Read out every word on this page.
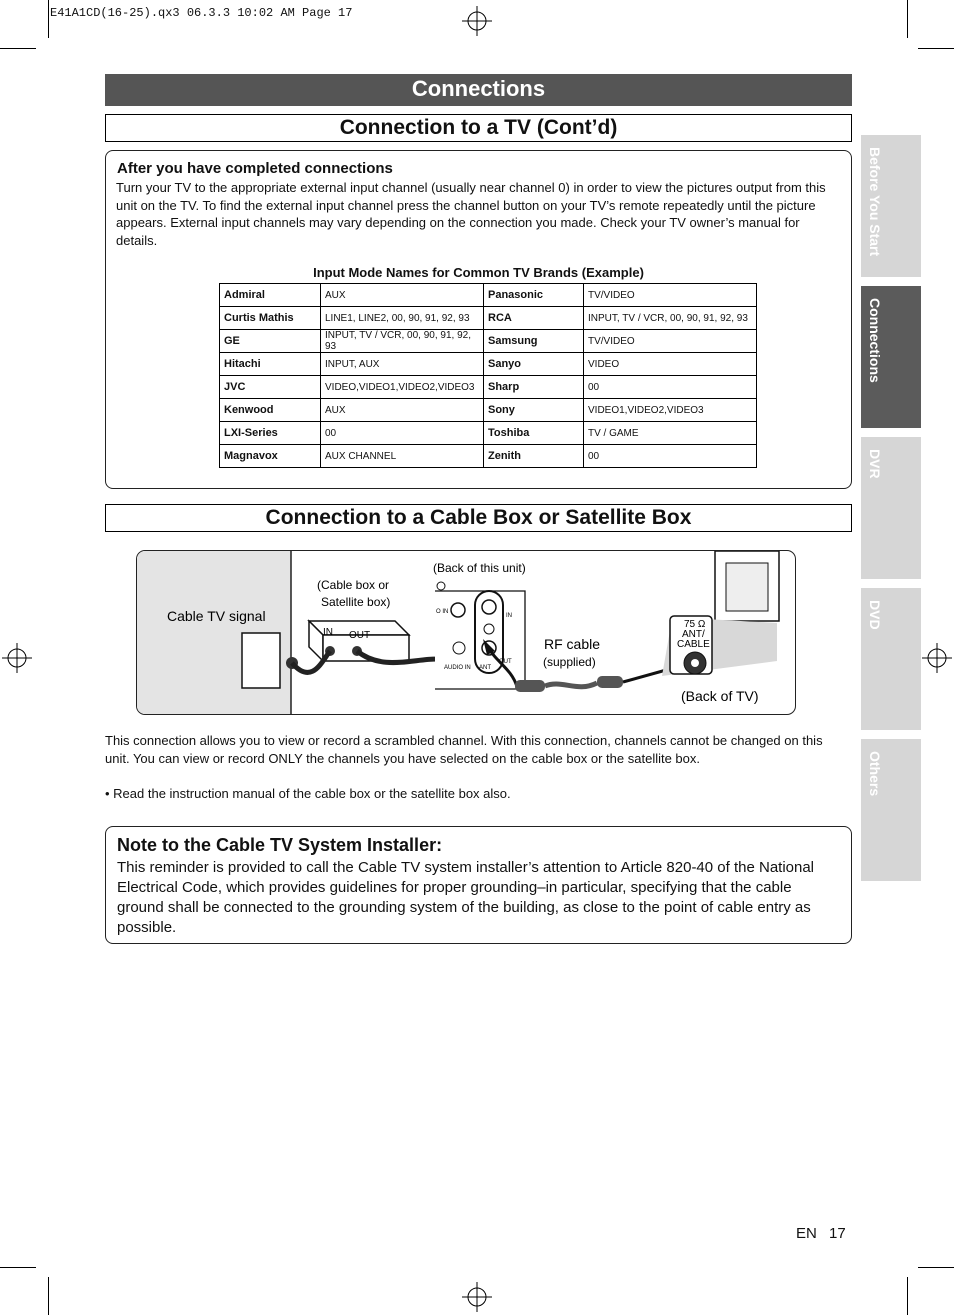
E41A1CD(16-25).qx3 06.3.3 10:02 AM Page 17
Connections
Connection to a TV (Cont’d)
After you have completed connections

Turn your TV to the appropriate external input channel (usually near channel 0) in order to view the pictures output from this unit on the TV. To find the external input channel press the channel button on your TV’s remote repeatedly until the picture appears. External input channels may vary depending on the connection you made. Check your TV owner’s manual for details.

Input Mode Names for Common TV Brands (Example)
Admiral	AUX	Panasonic	TV/VIDEO
Curtis Mathis	LINE1, LINE2, 00, 90, 91, 92, 93	RCA	INPUT, TV / VCR, 00, 90, 91, 92, 93
GE	INPUT, TV / VCR, 00, 90, 91, 92, 93	Samsung	TV/VIDEO
Hitachi	INPUT, AUX	Sanyo	VIDEO
JVC	VIDEO,VIDEO1,VIDEO2,VIDEO3	Sharp	00
Kenwood	AUX	Sony	VIDEO1,VIDEO2,VIDEO3
LXI-Series	00	Toshiba	TV / GAME
Magnavox	AUX CHANNEL	Zenith	00
Connection to a Cable Box or Satellite Box
Cable TV signal
IN OUT
(Cable box or
Satellite box)
(Back of this unit)
O IN
IN
AUDIO IN ANT
OUT
RF cable
(supplied)
75 Ω
ANT/
CABLE
(Back of TV)
This connection allows you to view or record a scrambled channel. With this connection, channels cannot be changed on this unit. You can view or record ONLY the channels you have selected on the cable box or the satellite box.
• Read the instruction manual of the cable box or the satellite box also.
Note to the Cable TV System Installer:

This reminder is provided to call the Cable TV system installer’s attention to Article 820-40 of the National Electrical Code, which provides guidelines for proper grounding–in particular, specifying that the cable ground shall be connected to the grounding system of the building, as close to the point of cable entry as possible.

Before You Start
Connections
DVR
DVD
Others
EN 17
